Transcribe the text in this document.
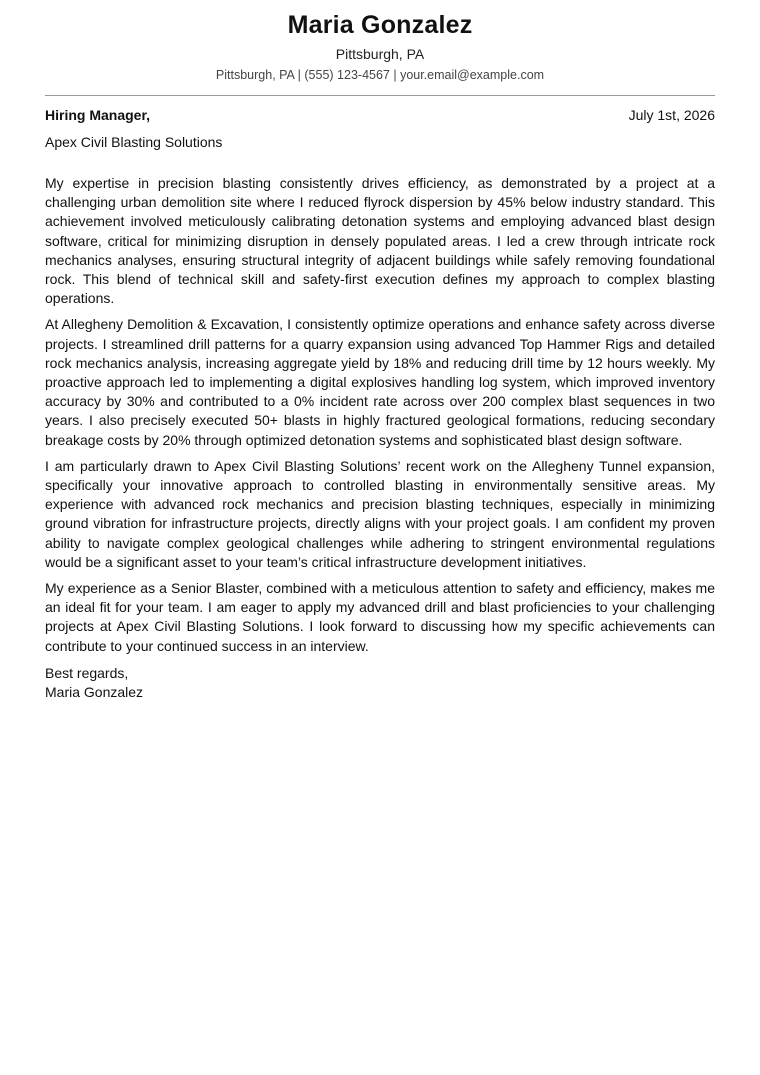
Maria Gonzalez
Pittsburgh, PA
Pittsburgh, PA | (555) 123-4567 | your.email@example.com
Hiring Manager,	July 1st, 2026
Apex Civil Blasting Solutions

My expertise in precision blasting consistently drives efficiency, as demonstrated by a project at a challenging urban demolition site where I reduced flyrock dispersion by 45% below industry standard. This achievement involved meticulously calibrating detonation systems and employing advanced blast design software, critical for minimizing disruption in densely populated areas. I led a crew through intricate rock mechanics analyses, ensuring structural integrity of adjacent buildings while safely removing foundational rock. This blend of technical skill and safety-first execution defines my approach to complex blasting operations.

At Allegheny Demolition & Excavation, I consistently optimize operations and enhance safety across diverse projects. I streamlined drill patterns for a quarry expansion using advanced Top Hammer Rigs and detailed rock mechanics analysis, increasing aggregate yield by 18% and reducing drill time by 12 hours weekly. My proactive approach led to implementing a digital explosives handling log system, which improved inventory accuracy by 30% and contributed to a 0% incident rate across over 200 complex blast sequences in two years. I also precisely executed 50+ blasts in highly fractured geological formations, reducing secondary breakage costs by 20% through optimized detonation systems and sophisticated blast design software.

I am particularly drawn to Apex Civil Blasting Solutions’ recent work on the Allegheny Tunnel expansion, specifically your innovative approach to controlled blasting in environmentally sensitive areas. My experience with advanced rock mechanics and precision blasting techniques, especially in minimizing ground vibration for infrastructure projects, directly aligns with your project goals. I am confident my proven ability to navigate complex geological challenges while adhering to stringent environmental regulations would be a significant asset to your team’s critical infrastructure development initiatives.

My experience as a Senior Blaster, combined with a meticulous attention to safety and efficiency, makes me an ideal fit for your team. I am eager to apply my advanced drill and blast proficiencies to your challenging projects at Apex Civil Blasting Solutions. I look forward to discussing how my specific achievements can contribute to your continued success in an interview.

Best regards,
Maria Gonzalez
